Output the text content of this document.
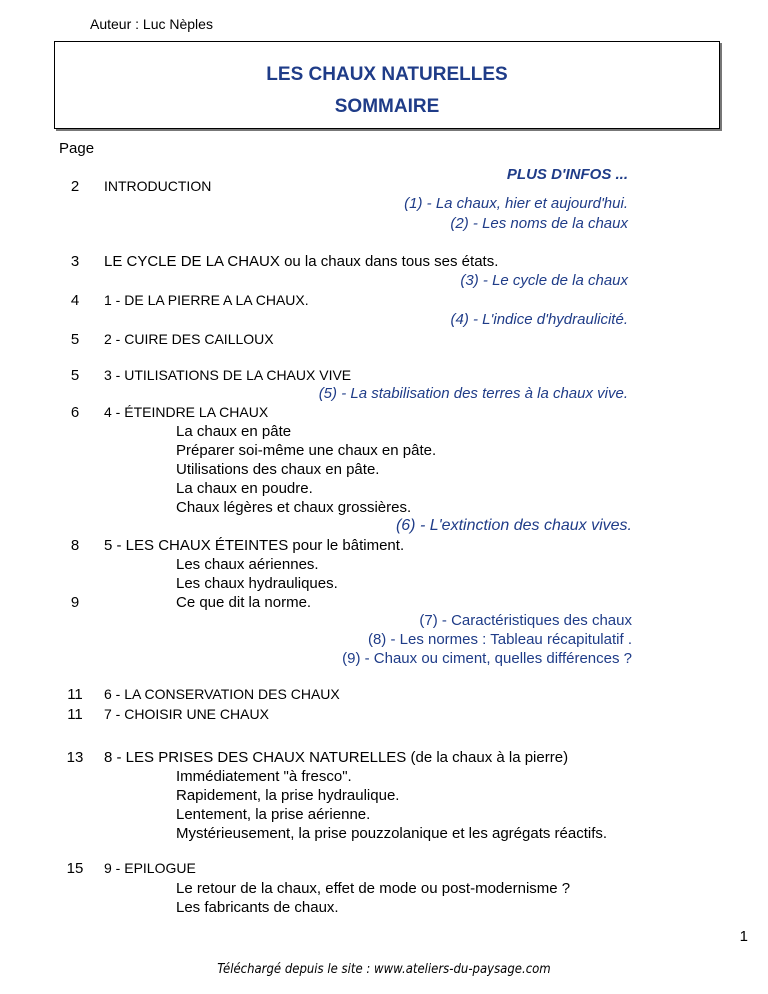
Auteur : Luc Nèples
LES CHAUX NATURELLES
SOMMAIRE
Page
PLUS D'INFOS ...
2	INTRODUCTION
(1) - La chaux, hier et aujourd'hui.
(2) - Les noms de la chaux
3	LE CYCLE DE LA CHAUX ou la chaux dans tous ses états.
(3) - Le cycle de la chaux
4	1 - DE LA PIERRE A LA CHAUX.
(4) - L'indice d'hydraulicité.
5	2 - CUIRE DES CAILLOUX
5	3 - UTILISATIONS DE LA CHAUX VIVE
(5) - La stabilisation des terres à la chaux vive.
6	4 - ÉTEINDRE LA CHAUX
La chaux en pâte
Préparer soi-même une chaux en pâte.
Utilisations des chaux en pâte.
La chaux en poudre.
Chaux légères et chaux grossières.
(6) - L'extinction des chaux vives.
8	5 - LES CHAUX ÉTEINTES pour le bâtiment.
Les chaux aériennes.
Les chaux hydrauliques.
9	Ce que dit la norme.
(7) - Caractéristiques des chaux
(8) - Les normes : Tableau récapitulatif .
(9) - Chaux ou ciment, quelles différences ?
11	6 - LA CONSERVATION DES CHAUX
11	7 - CHOISIR UNE CHAUX
13	8 - LES PRISES DES CHAUX NATURELLES (de la chaux à la pierre)
Immédiatement "à fresco".
Rapidement, la prise hydraulique.
Lentement, la prise aérienne.
Mystérieusement, la prise pouzzolanique et les agrégats réactifs.
15	9 - EPILOGUE
Le retour de la chaux, effet de mode ou post-modernisme ?
Les fabricants de chaux.
1
Téléchargé depuis le site : www.ateliers-du-paysage.com
